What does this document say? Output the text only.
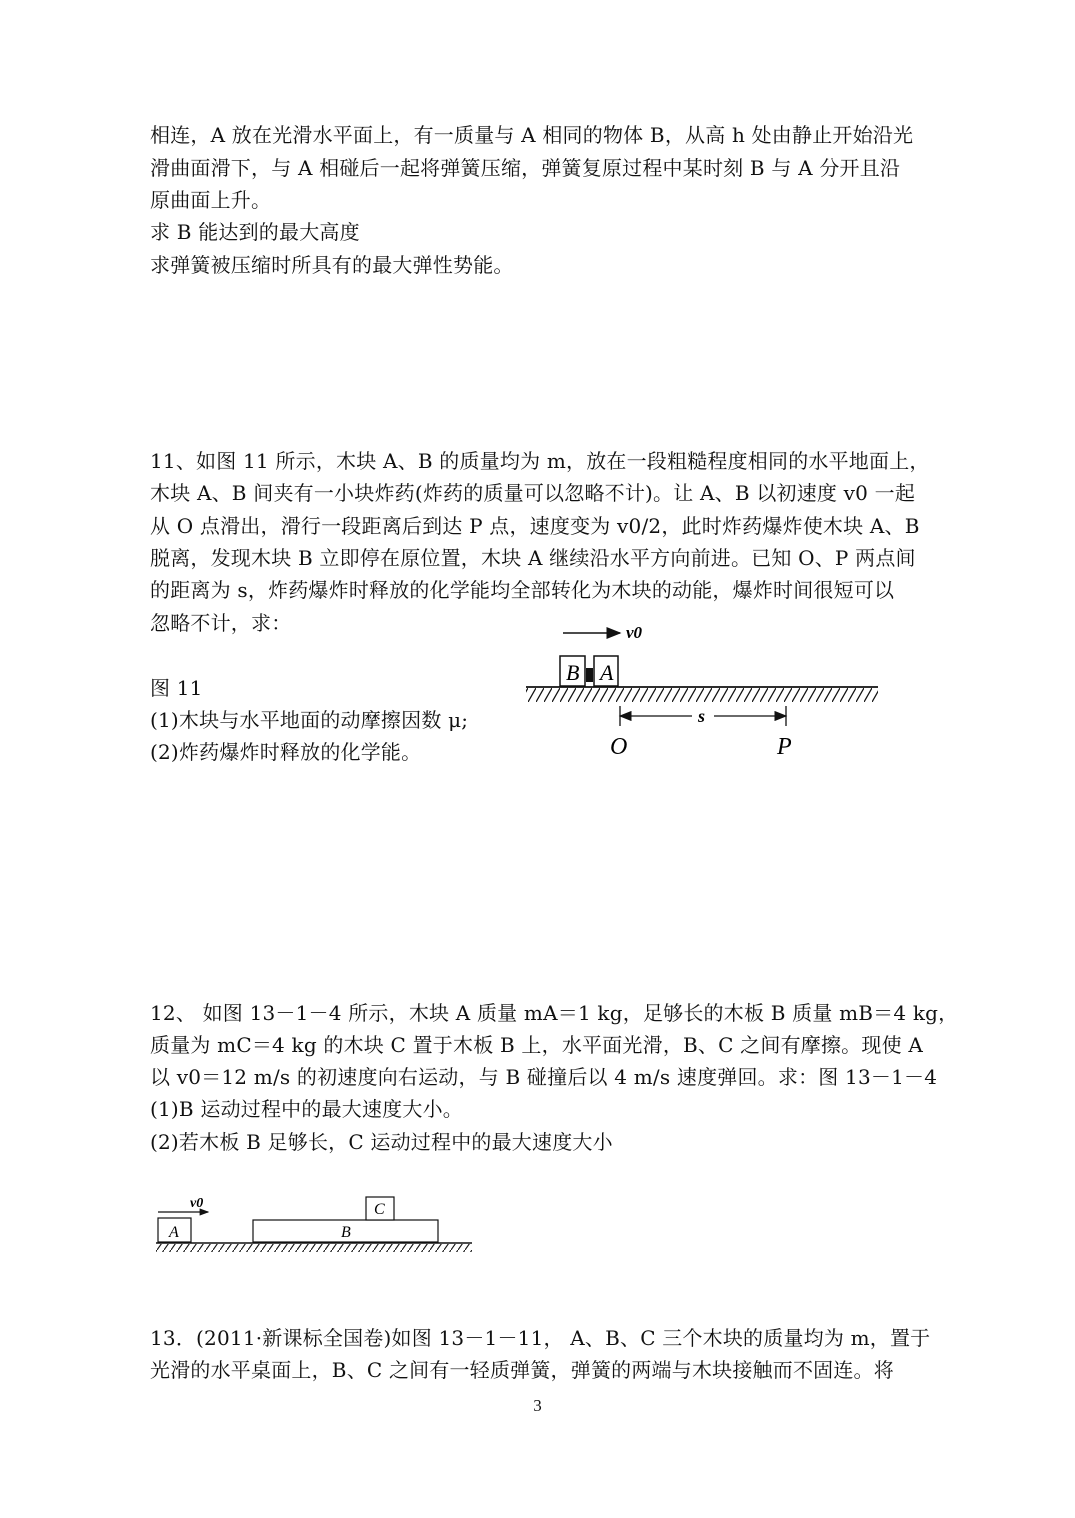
相连，A 放在光滑水平面上，有一质量与 A 相同的物体 B，从高 h 处由静止开始沿光
滑曲面滑下，与 A 相碰后一起将弹簧压缩，弹簧复原过程中某时刻 B 与 A 分开且沿
原曲面上升。
求 B 能达到的最大高度
求弹簧被压缩时所具有的最大弹性势能。
11、如图 11 所示，木块 A、B 的质量均为 m，放在一段粗糙程度相同的水平地面上，
木块 A、B 间夹有一小块炸药(炸药的质量可以忽略不计)。让 A、B 以初速度 v0 一起
从 O 点滑出，滑行一段距离后到达 P 点，速度变为 v0/2，此时炸药爆炸使木块 A、B
脱离，发现木块 B 立即停在原位置，木块 A 继续沿水平方向前进。已知 O、P 两点间
的距离为 s，炸药爆炸时释放的化学能均全部转化为木块的动能，爆炸时间很短可以
忽略不计，求：
图 11
(1)木块与水平地面的动摩擦因数 μ;
(2)炸药爆炸时释放的化学能。
v0
B A
s
O	P
12、 如图 13－1－4 所示，木块 A 质量 mA＝1 kg，足够长的木板 B 质量 mB＝4 kg，
质量为 mC＝4 kg 的木块 C 置于木板 B 上，水平面光滑，B、C 之间有摩擦。现使 A
以 v0＝12 m/s 的初速度向右运动，与 B 碰撞后以 4 m/s 速度弹回。求：图 13－1－4
(1)B 运动过程中的最大速度大小。
(2)若木板 B 足够长，C 运动过程中的最大速度大小
v0
A	B
C
13．(2011·新课标全国卷)如图 13－1－11， A、B、C 三个木块的质量均为 m，置于
光滑的水平桌面上，B、C 之间有一轻质弹簧，弹簧的两端与木块接触而不固连。将
3
